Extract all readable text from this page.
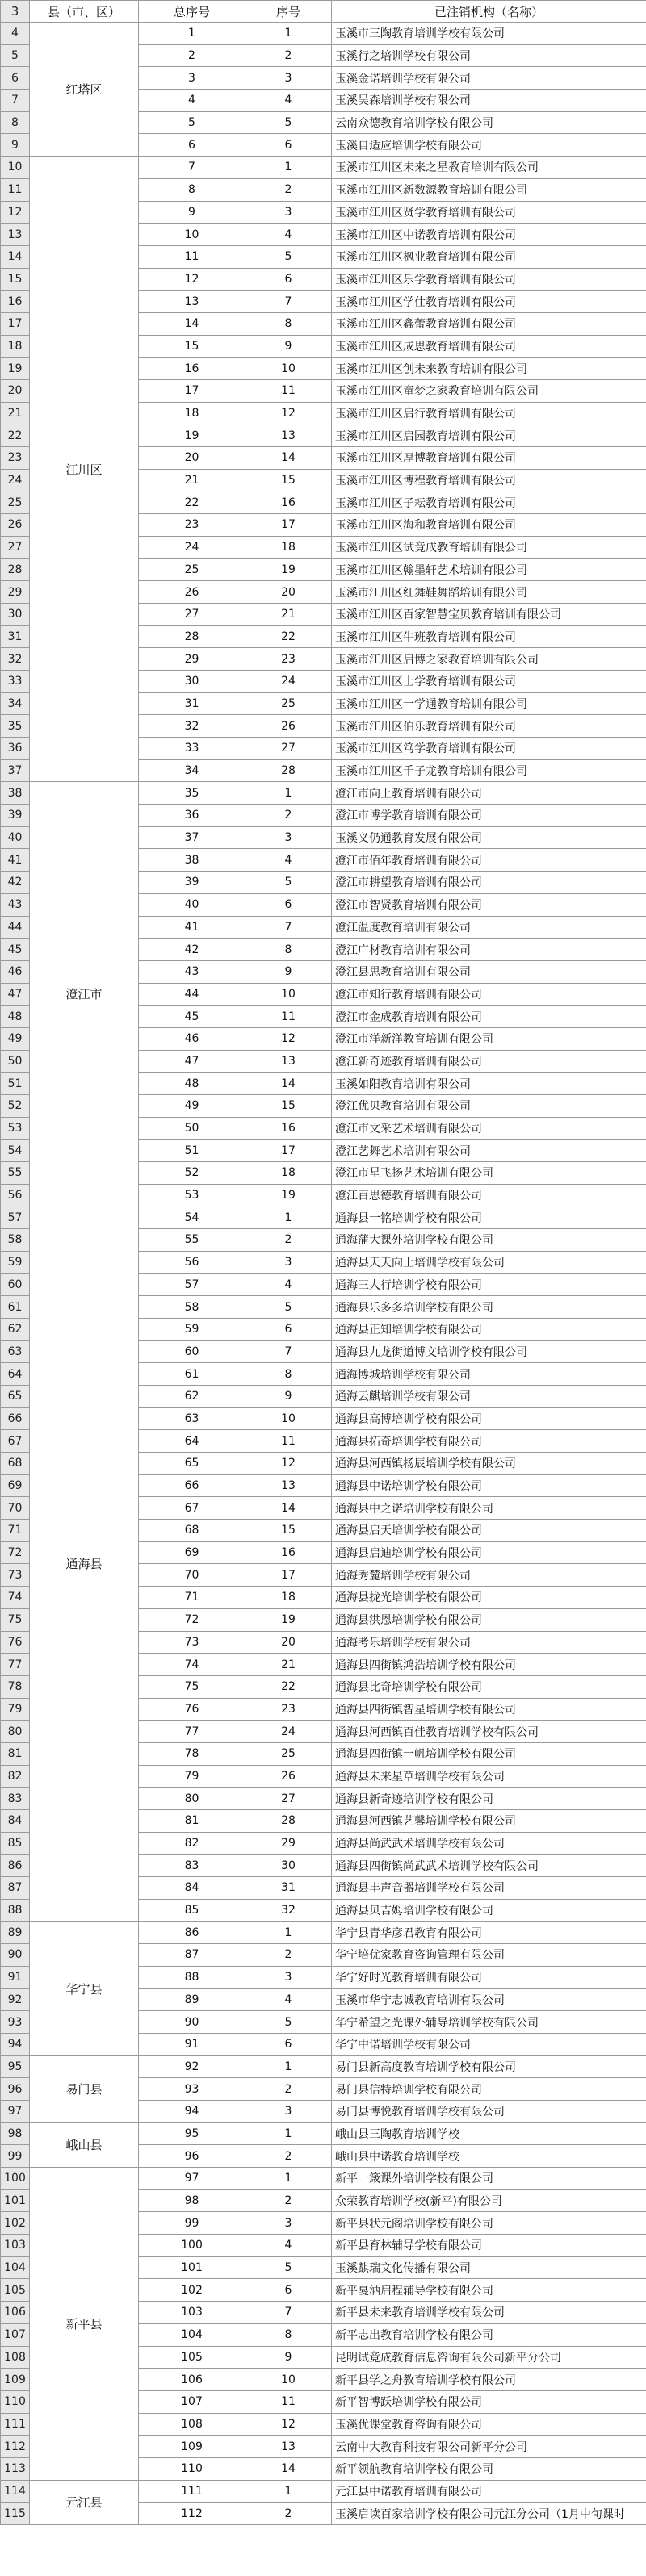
3	县（市、区）	总序号	序号	已注销机构（名称）
4	红塔区	1	1	玉溪市三陶教育培训学校有限公司
5		2	2	玉溪行之培训学校有限公司
6		3	3	玉溪金诺培训学校有限公司
7		4	4	玉溪吴森培训学校有限公司
8		5	5	云南众德教育培训学校有限公司
9		6	6	玉溪自适应培训学校有限公司
10	江川区	7	1	玉溪市江川区未来之星教育培训有限公司
11		8	2	玉溪市江川区新数源教育培训有限公司
12		9	3	玉溪市江川区贤学教育培训有限公司
13		10	4	玉溪市江川区中诺教育培训有限公司
14		11	5	玉溪市江川区枫业教育培训有限公司
15		12	6	玉溪市江川区乐学教育培训有限公司
16		13	7	玉溪市江川区学仕教育培训有限公司
17		14	8	玉溪市江川区鑫蕾教育培训有限公司
18		15	9	玉溪市江川区成思教育培训有限公司
19		16	10	玉溪市江川区创未来教育培训有限公司
20		17	11	玉溪市江川区童梦之家教育培训有限公司
21		18	12	玉溪市江川区启行教育培训有限公司
22		19	13	玉溪市江川区启园教育培训有限公司
23		20	14	玉溪市江川区厚博教育培训有限公司
24		21	15	玉溪市江川区博程教育培训有限公司
25		22	16	玉溪市江川区子耘教育培训有限公司
26		23	17	玉溪市江川区海和教育培训有限公司
27		24	18	玉溪市江川区试竟成教育培训有限公司
28		25	19	玉溪市江川区翰墨轩艺术培训有限公司
29		26	20	玉溪市江川区红舞鞋舞蹈培训有限公司
30		27	21	玉溪市江川区百家智慧宝贝教育培训有限公司
31		28	22	玉溪市江川区牛班教育培训有限公司
32		29	23	玉溪市江川区启博之家教育培训有限公司
33		30	24	玉溪市江川区士学教育培训有限公司
34		31	25	玉溪市江川区一学通教育培训有限公司
35		32	26	玉溪市江川区伯乐教育培训有限公司
36		33	27	玉溪市江川区笃学教育培训有限公司
37		34	28	玉溪市江川区千子龙教育培训有限公司
38	澄江市	35	1	澄江市向上教育培训有限公司
39		36	2	澄江市博学教育培训有限公司
40		37	3	玉溪义仍通教育发展有限公司
41		38	4	澄江市佰年教育培训有限公司
42		39	5	澄江市耕望教育培训有限公司
43		40	6	澄江市智贤教育培训有限公司
44		41	7	澄江温度教育培训有限公司
45		42	8	澄江广材教育培训有限公司
46		43	9	澄江县思教育培训有限公司
47		44	10	澄江市知行教育培训有限公司
48		45	11	澄江市金成教育培训有限公司
49		46	12	澄江市洋新洋教育培训有限公司
50		47	13	澄江新奇迹教育培训有限公司
51		48	14	玉溪如阳教育培训有限公司
52		49	15	澄江优贝教育培训有限公司
53		50	16	澄江市文采艺术培训有限公司
54		51	17	澄江艺舞艺术培训有限公司
55		52	18	澄江市星飞扬艺术培训有限公司
56		53	19	澄江百思德教育培训有限公司
57	通海县	54	1	通海县一铭培训学校有限公司
58		55	2	通海蒲大课外培训学校有限公司
59		56	3	通海县天天向上培训学校有限公司
60		57	4	通海三人行培训学校有限公司
61		58	5	通海县乐多多培训学校有限公司
62		59	6	通海县正知培训学校有限公司
63		60	7	通海县九龙街道博文培训学校有限公司
64		61	8	通海博城培训学校有限公司
65		62	9	通海云麒培训学校有限公司
66		63	10	通海县高博培训学校有限公司
67		64	11	通海县拓奇培训学校有限公司
68		65	12	通海县河西镇杨辰培训学校有限公司
69		66	13	通海县中诺培训学校有限公司
70		67	14	通海县中之诺培训学校有限公司
71		68	15	通海县启天培训学校有限公司
72		69	16	通海县启迪培训学校有限公司
73		70	17	通海秀麓培训学校有限公司
74		71	18	通海县拢光培训学校有限公司
75		72	19	通海县洪恩培训学校有限公司
76		73	20	通海考乐培训学校有限公司
77		74	21	通海县四街镇鸿浩培训学校有限公司
78		75	22	通海县比奇培训学校有限公司
79		76	23	通海县四街镇智星培训学校有限公司
80		77	24	通海县河西镇百佳教育培训学校有限公司
81		78	25	通海县四街镇一帆培训学校有限公司
82		79	26	通海县未来星草培训学校有限公司
83		80	27	通海县新奇迹培训学校有限公司
84		81	28	通海县河西镇艺馨培训学校有限公司
85		82	29	通海县尚武武术培训学校有限公司
86		83	30	通海县四街镇尚武武术培训学校有限公司
87		84	31	通海县丰声音器培训学校有限公司
88		85	32	通海县贝吉姆培训学校有限公司
89	华宁县	86	1	华宁县青华彦君教育有限公司
90		87	2	华宁培优家教育咨询管理有限公司
91		88	3	华宁好时光教育培训有限公司
92		89	4	玉溪市华宁志诚教育培训有限公司
93		90	5	华宁希望之光课外辅导培训学校有限公司
94		91	6	华宁中诺培训学校有限公司
95	易门县	92	1	易门县新高度教育培训学校有限公司
96		93	2	易门县信特培训学校有限公司
97		94	3	易门县博悦教育培训学校有限公司
98	峨山县	95	1	峨山县三陶教育培训学校
99		96	2	峨山县中诺教育培训学校
100	新平县	97	1	新平一箴课外培训学校有限公司
101		98	2	众荣教育培训学校(新平)有限公司
102		99	3	新平县状元阁培训学校有限公司
103		100	4	新平县育林辅导学校有限公司
104		101	5	玉溪麒瑞文化传播有限公司
105		102	6	新平戛洒启程辅导学校有限公司
106		103	7	新平县未来教育培训学校有限公司
107		104	8	新平志出教育培训学校有限公司
108		105	9	昆明试竟成教育信息咨询有限公司新平分公司
109		106	10	新平县学之舟教育培训学校有限公司
110		107	11	新平智博跃培训学校有限公司
111		108	12	玉溪优课堂教育咨询有限公司
112		109	13	云南中大教育科技有限公司新平分公司
113		110	14	新平领航教育培训学校有限公司
114	元江县	111	1	元江县中诺教育培训有限公司
115		112	2	玉溪启读百家培训学校有限公司元江分公司（1月中旬课时
